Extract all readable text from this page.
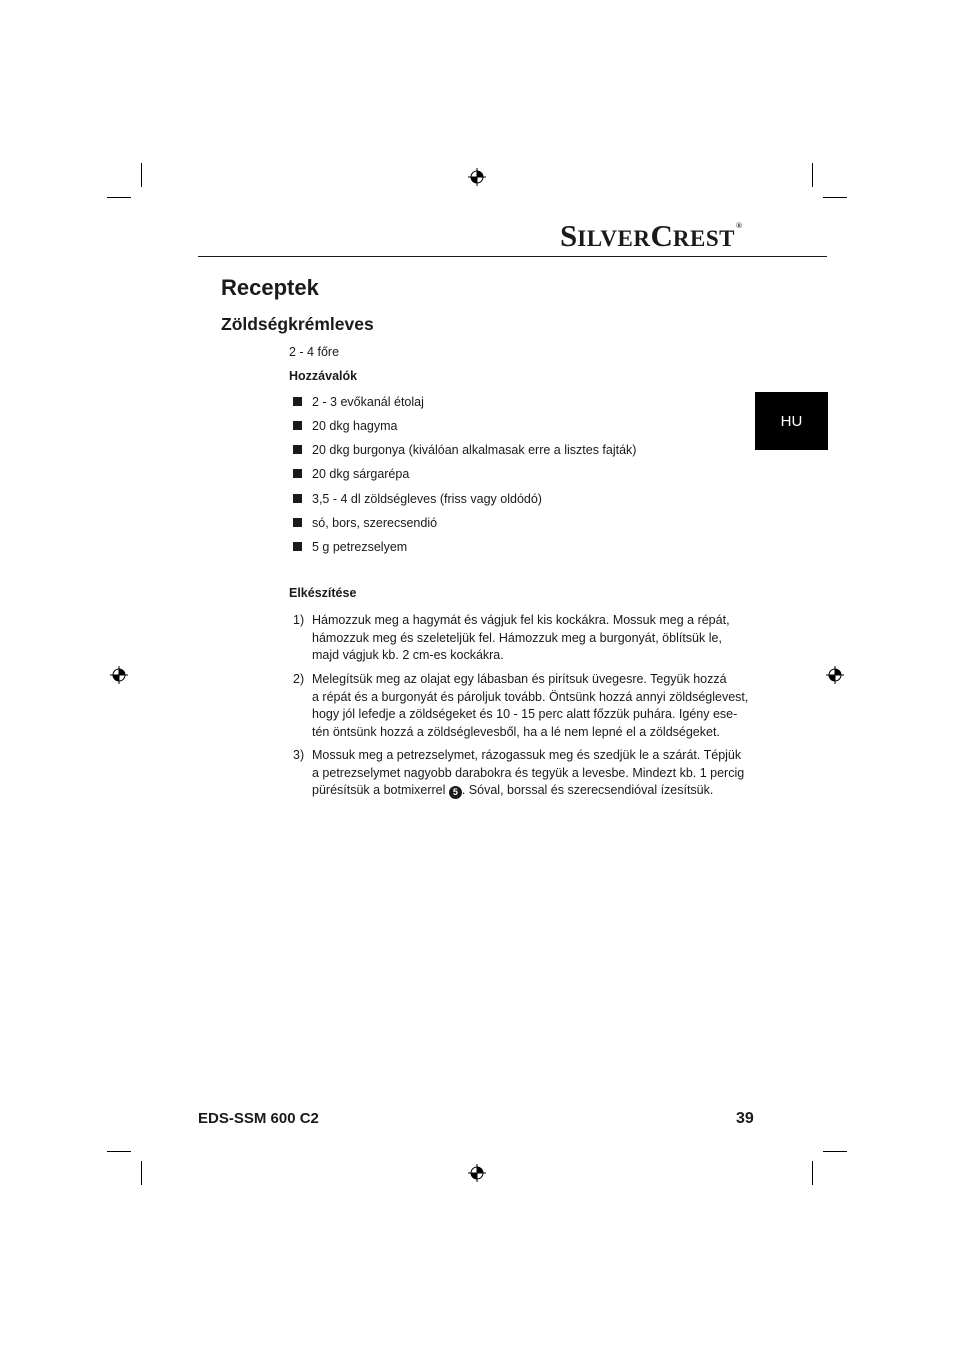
SILVERCREST®
Receptek
Zöldségkrémleves
2 - 4 főre
Hozzávalók
2 - 3 evőkanál étolaj
20 dkg hagyma
20 dkg burgonya (kiválóan alkalmasak erre a lisztes fajták)
20 dkg sárgarépa
3,5 - 4 dl zöldségleves (friss vagy oldódó)
só, bors, szerecsendió
5 g petrezselyem
Elkészítése
1) Hámozzuk meg a hagymát és vágjuk fel kis kockákra. Mossuk meg a répát,
hámozzuk meg és szeleteljük fel. Hámozzuk meg a burgonyát, öblítsük le,
majd vágjuk kb. 2 cm-es kockákra.
2) Melegítsük meg az olajat egy lábasban és pirítsuk üvegesre. Tegyük hozzá
a répát és a burgonyát és pároljuk tovább. Öntsünk hozzá annyi zöldséglevest,
hogy jól lefedje a zöldségeket és 10 - 15 perc alatt főzzük puhára. Igény ese-
tén öntsünk hozzá a zöldséglevesből, ha a lé nem lepné el a zöldségeket.
3) Mossuk meg a petrezselymet, rázogassuk meg és szedjük le a szárát. Tépjük
a petrezselymet nagyobb darabokra és tegyük a levesbe. Mindezt kb. 1 percig
pürésítsük a botmixerrel 5 . Sóval, borssal és szerecsendióval ízesítsük.
HU
EDS-SSM 600 C2	39
